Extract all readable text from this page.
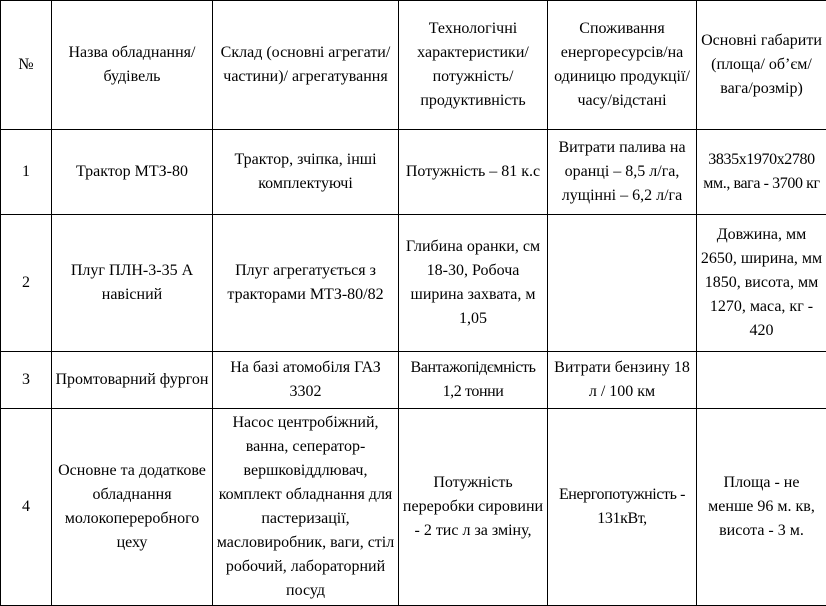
№	Назва обладнання/ будівель	Склад (основні агрегати/ частини)/ агрегатування	Технологічні характеристики/ потужність/ продуктивність	Споживання енергоресурсів/на одиницю продукції/ часу/відстані	Основні габарити (площа/ об’єм/ вага/розмір)
1	Трактор МТЗ-80	Трактор, зчіпка, інші комплектуючі	Потужність – 81 к.с	Витрати палива на оранці – 8,5 л/га, лущінні – 6,2 л/га	3835х1970х2780 мм., вага - 3700 кг
2	Плуг ПЛН-3-35 А навісний	Плуг агрегатується з тракторами МТЗ-80/82	Глибина оранки, см 18-30, Робоча ширина захвата, м 1,05		Довжина, мм 2650, ширина, мм 1850, висота, мм 1270, маса, кг - 420
3	Промтоварний фургон	На базі атомобіля ГАЗ 3302	Вантажопідємність 1,2 тонни	Витрати бензину 18 л / 100 км	
4	Основне та додаткове обладнання молокопереробного цеху	Насос центробіжний, ванна, сеператор-вершковіддлювач, комплект обладнання для пастеризації, масловиробник, ваги, стіл робочий, лабораторний посуд	Потужність переробки сировини - 2 тис л за зміну,	Енергопотужність - 131кВт,	Площа - не менше 96 м. кв, висота - 3 м.
